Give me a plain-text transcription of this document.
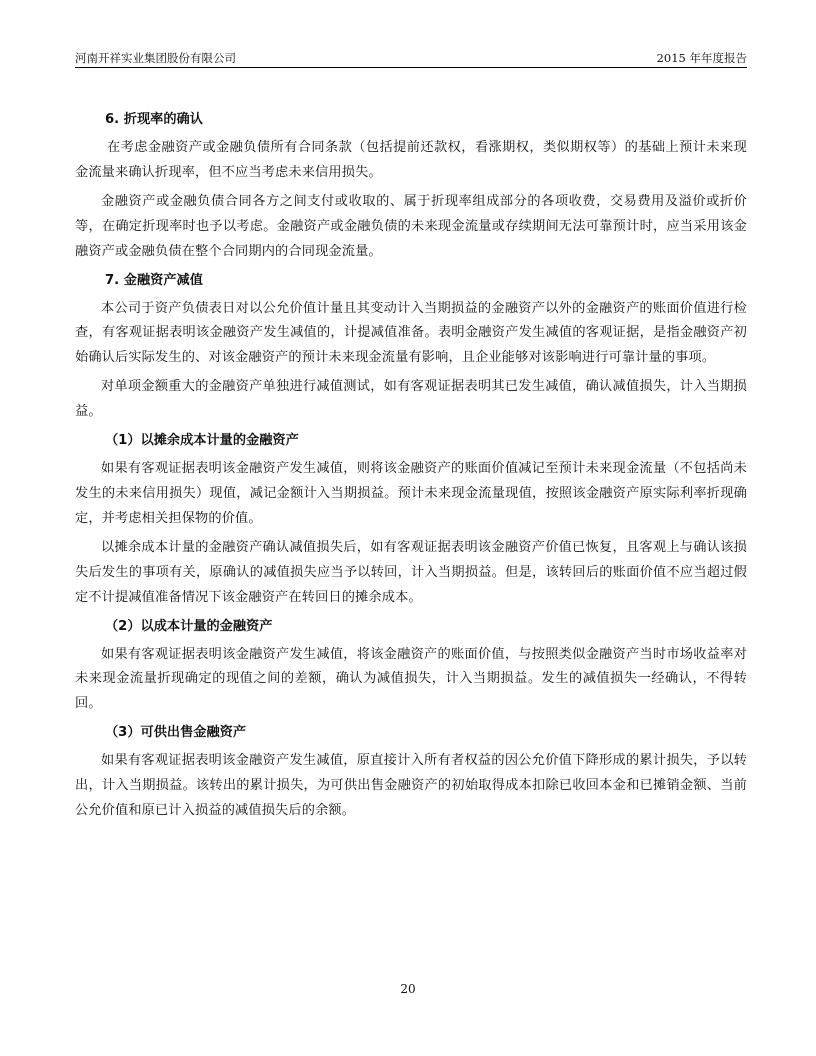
河南开祥实业集团股份有限公司	2015 年年度报告
6. 折现率的确认

在考虑金融资产或金融负债所有合同条款（包括提前还款权，看涨期权，类似期权等）的基础上预计未来现金流量来确认折现率，但不应当考虑未来信用损失。

金融资产或金融负债合同各方之间支付或收取的、属于折现率组成部分的各项收费，交易费用及溢价或折价等，在确定折现率时也予以考虑。金融资产或金融负债的未来现金流量或存续期间无法可靠预计时，应当采用该金融资产或金融负债在整个合同期内的合同现金流量。

7. 金融资产减值

本公司于资产负债表日对以公允价值计量且其变动计入当期损益的金融资产以外的金融资产的账面价值进行检查，有客观证据表明该金融资产发生减值的，计提减值准备。表明金融资产发生减值的客观证据，是指金融资产初始确认后实际发生的、对该金融资产的预计未来现金流量有影响，且企业能够对该影响进行可靠计量的事项。

对单项金额重大的金融资产单独进行减值测试，如有客观证据表明其已发生减值，确认减值损失，计入当期损益。

（1）以摊余成本计量的金融资产

如果有客观证据表明该金融资产发生减值，则将该金融资产的账面价值减记至预计未来现金流量（不包括尚未发生的未来信用损失）现值，减记金额计入当期损益。预计未来现金流量现值，按照该金融资产原实际利率折现确定，并考虑相关担保物的价值。

以摊余成本计量的金融资产确认减值损失后，如有客观证据表明该金融资产价值已恢复，且客观上与确认该损失后发生的事项有关，原确认的减值损失应当予以转回，计入当期损益。但是，该转回后的账面价值不应当超过假定不计提减值准备情况下该金融资产在转回日的摊余成本。

（2）以成本计量的金融资产

如果有客观证据表明该金融资产发生减值，将该金融资产的账面价值，与按照类似金融资产当时市场收益率对未来现金流量折现确定的现值之间的差额，确认为减值损失，计入当期损益。发生的减值损失一经确认，不得转回。

（3）可供出售金融资产

如果有客观证据表明该金融资产发生减值，原直接计入所有者权益的因公允价值下降形成的累计损失，予以转出，计入当期损益。该转出的累计损失，为可供出售金融资产的初始取得成本扣除已收回本金和已摊销金额、当前公允价值和原已计入损益的减值损失后的余额。

20
